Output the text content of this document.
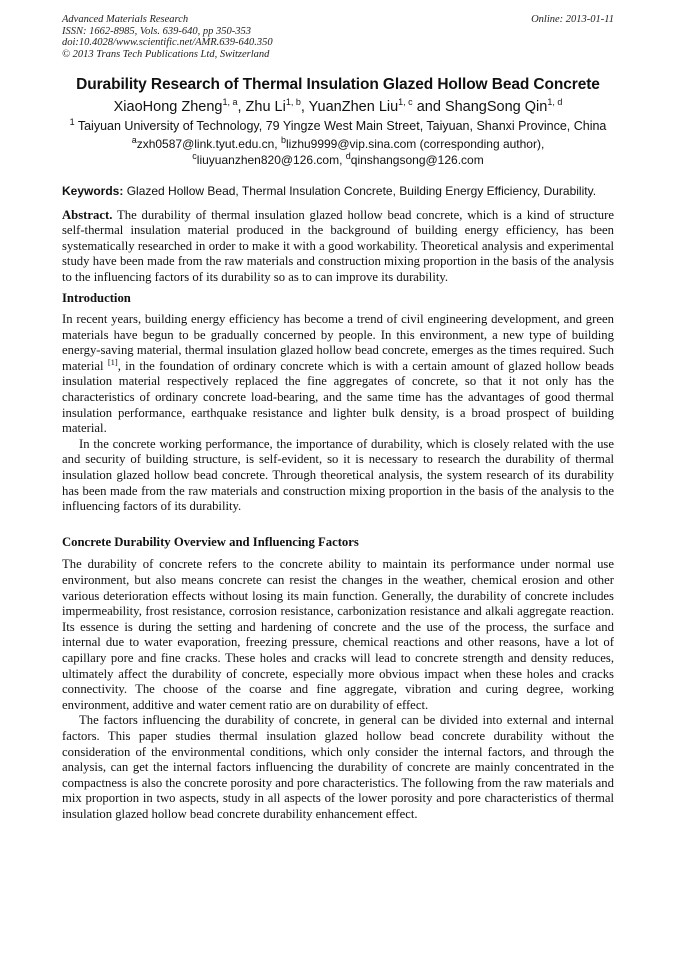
Advanced Materials Research
ISSN: 1662-8985, Vols. 639-640, pp 350-353
doi:10.4028/www.scientific.net/AMR.639-640.350
© 2013 Trans Tech Publications Ltd, Switzerland
Online: 2013-01-11
Durability Research of Thermal Insulation Glazed Hollow Bead Concrete
XiaoHong Zheng$^{1, a}$, Zhu Li$^{1, b}$, YuanZhen Liu$^{1, c}$ and ShangSong Qin$^{1, d}$
$^1$ Taiyuan University of Technology, 79 Yingze West Main Street, Taiyuan, Shanxi Province, China
$^a$zxh0587@link.tyut.edu.cn, $^b$lizhu9999@vip.sina.com (corresponding author),
$^c$liuyuanzhen820@126.com, $^d$qinshangsong@126.com
Keywords: Glazed Hollow Bead, Thermal Insulation Concrete, Building Energy Efficiency, Durability.

Abstract. The durability of thermal insulation glazed hollow bead concrete, which is a kind of structure self-thermal insulation material produced in the background of building energy efficiency, has been systematically researched in order to make it with a good workability. Theoretical analysis and experimental study have been made from the raw materials and construction mixing proportion in the basis of the analysis to the influencing factors of its durability so as to can improve its durability.

Introduction

In recent years, building energy efficiency has become a trend of civil engineering development, and green materials have begun to be gradually concerned by people. In this environment, a new type of building energy-saving material, thermal insulation glazed hollow bead concrete, emerges as the times required. Such material [1], in the foundation of ordinary concrete which is with a certain amount of glazed hollow beads insulation material respectively replaced the fine aggregates of concrete, so that it not only has the characteristics of ordinary concrete load-bearing, and the same time has the advantages of good thermal insulation performance, earthquake resistance and lighter bulk density, is a broad prospect of building material.

In the concrete working performance, the importance of durability, which is closely related with the use and security of building structure, is self-evident, so it is necessary to research the durability of thermal insulation glazed hollow bead concrete. Through theoretical analysis, the system research of its durability has been made from the raw materials and construction mixing proportion in the basis of the analysis to the influencing factors of its durability.

Concrete Durability Overview and Influencing Factors

The durability of concrete refers to the concrete ability to maintain its performance under normal use environment, but also means concrete can resist the changes in the weather, chemical erosion and other various deterioration effects without losing its main function. Generally, the durability of concrete includes impermeability, frost resistance, corrosion resistance, carbonization resistance and alkali aggregate reaction. Its essence is during the setting and hardening of concrete and the use of the process, the surface and internal due to water evaporation, freezing pressure, chemical reactions and other reasons, have a lot of capillary pore and fine cracks. These holes and cracks will lead to concrete strength and density reduces, ultimately affect the durability of concrete, especially more obvious impact when these holes and cracks connectivity. The choose of the coarse and fine aggregate, vibration and curing degree, working environment, additive and water cement ratio are on durability of effect.

The factors influencing the durability of concrete, in general can be divided into external and internal factors. This paper studies thermal insulation glazed hollow bead concrete durability without the consideration of the environmental conditions, which only consider the internal factors, and through the analysis, can get the internal factors influencing the durability of concrete are mainly concentrated in the compactness is also the concrete porosity and pore characteristics. The following from the raw materials and mix proportion in two aspects, study in all aspects of the lower porosity and pore characteristics of thermal insulation glazed hollow bead concrete durability enhancement effect.
